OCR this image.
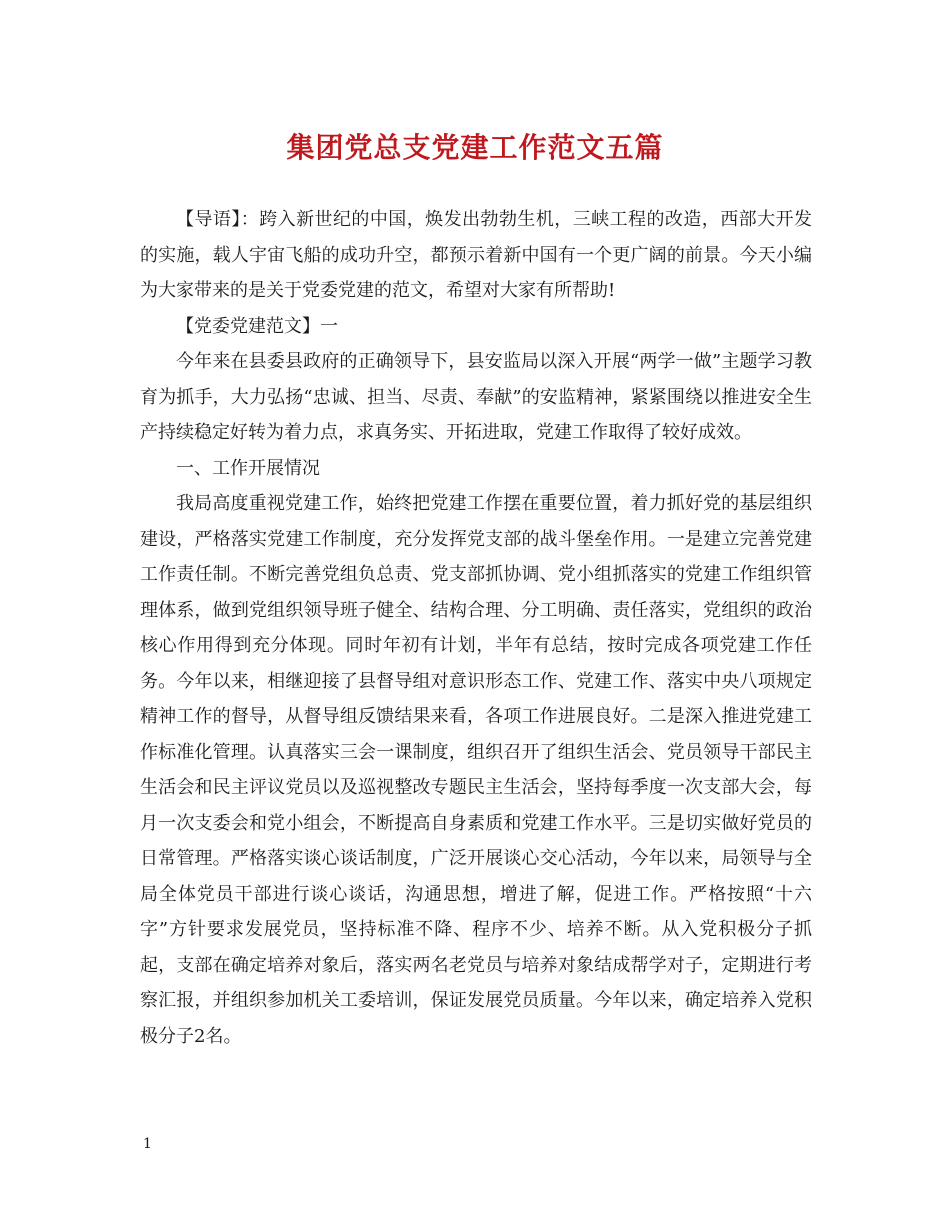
集团党总支党建工作范文五篇

【导语】：跨入新世纪的中国，焕发出勃勃生机，三峡工程的改造，西部大开发的实施，载人宇宙飞船的成功升空，都预示着新中国有一个更广阔的前景。今天小编为大家带来的是关于党委党建的范文，希望对大家有所帮助!

【党委党建范文】一

今年来在县委县政府的正确领导下，县安监局以深入开展“两学一做”主题学习教育为抓手，大力弘扬“忠诚、担当、尽责、奉献”的安监精神，紧紧围绕以推进安全生产持续稳定好转为着力点，求真务实、开拓进取，党建工作取得了较好成效。

一、工作开展情况

我局高度重视党建工作，始终把党建工作摆在重要位置，着力抓好党的基层组织建设，严格落实党建工作制度，充分发挥党支部的战斗堡垒作用。一是建立完善党建工作责任制。不断完善党组负总责、党支部抓协调、党小组抓落实的党建工作组织管理体系，做到党组织领导班子健全、结构合理、分工明确、责任落实，党组织的政治核心作用得到充分体现。同时年初有计划，半年有总结，按时完成各项党建工作任务。今年以来，相继迎接了县督导组对意识形态工作、党建工作、落实中央八项规定精神工作的督导，从督导组反馈结果来看，各项工作进展良好。二是深入推进党建工作标准化管理。认真落实三会一课制度，组织召开了组织生活会、党员领导干部民主生活会和民主评议党员以及巡视整改专题民主生活会，坚持每季度一次支部大会，每月一次支委会和党小组会，不断提高自身素质和党建工作水平。三是切实做好党员的日常管理。严格落实谈心谈话制度，广泛开展谈心交心活动，今年以来，局领导与全局全体党员干部进行谈心谈话，沟通思想，增进了解，促进工作。严格按照“十六字”方针要求发展党员，坚持标准不降、程序不少、培养不断。从入党积极分子抓起，支部在确定培养对象后，落实两名老党员与培养对象结成帮学对子，定期进行考察汇报，并组织参加机关工委培训，保证发展党员质量。今年以来，确定培养入党积极分子2名。

1
